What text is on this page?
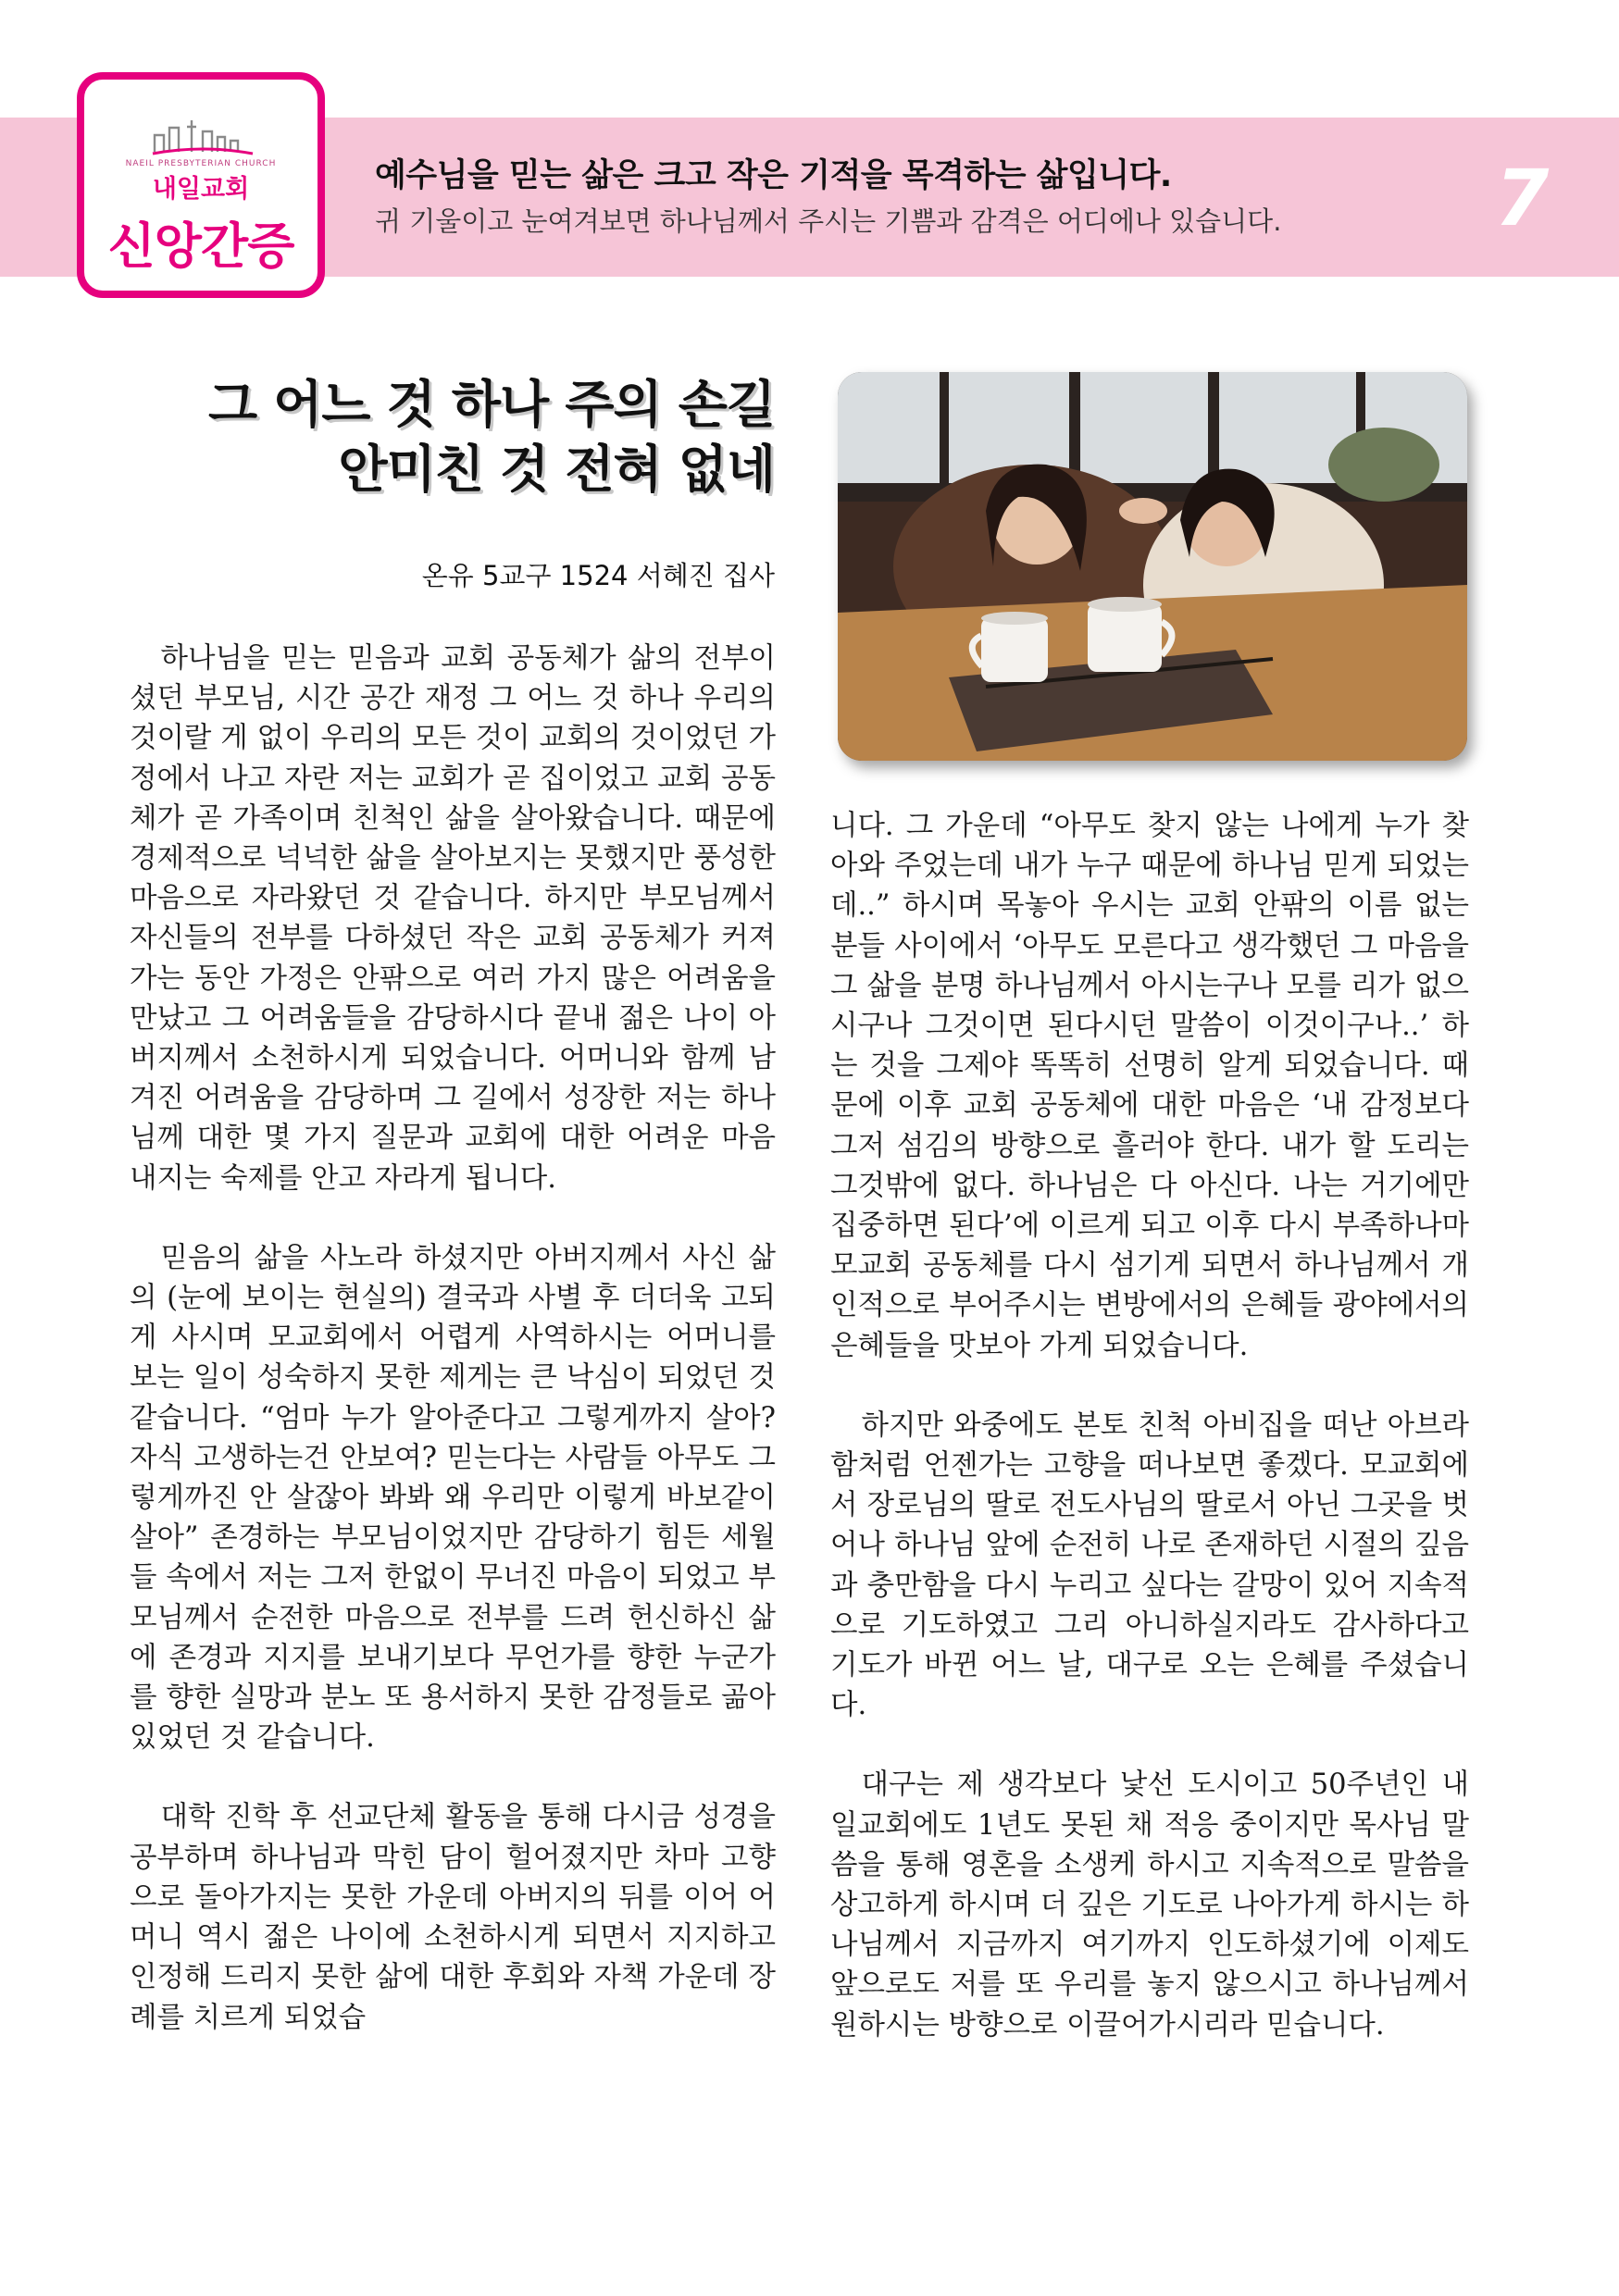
NAEIL PRESBYTERIAN CHURCH
내일교회
신앙간증
예수님을 믿는 삶은 크고 작은 기적을 목격하는 삶입니다.
귀 기울이고 눈여겨보면 하나님께서 주시는 기쁨과 감격은 어디에나 있습니다.	7
그 어느 것 하나 주의 손길
안미친 것 전혀 없네
온유 5교구 1524 서혜진 집사

하나님을 믿는 믿음과 교회 공동체가 삶의 전부이셨던 부모님, 시간 공간 재정 그 어느 것 하나 우리의 것이랄 게 없이 우리의 모든 것이 교회의 것이었던 가정에서 나고 자란 저는 교회가 곧 집이었고 교회 공동체가 곧 가족이며 친척인 삶을 살아왔습니다. 때문에 경제적으로 넉넉한 삶을 살아보지는 못했지만 풍성한 마음으로 자라왔던 것 같습니다. 하지만 부모님께서 자신들의 전부를 다하셨던 작은 교회 공동체가 커져가는 동안 가정은 안팎으로 여러 가지 많은 어려움을 만났고 그 어려움들을 감당하시다 끝내 젊은 나이 아버지께서 소천하시게 되었습니다. 어머니와 함께 남겨진 어려움을 감당하며 그 길에서 성장한 저는 하나님께 대한 몇 가지 질문과 교회에 대한 어려운 마음 내지는 숙제를 안고 자라게 됩니다.

믿음의 삶을 사노라 하셨지만 아버지께서 사신 삶의 (눈에 보이는 현실의) 결국과 사별 후 더더욱 고되게 사시며 모교회에서 어렵게 사역하시는 어머니를 보는 일이 성숙하지 못한 제게는 큰 낙심이 되었던 것 같습니다. “엄마 누가 알아준다고 그렇게까지 살아? 자식 고생하는건 안보여? 믿는다는 사람들 아무도 그렇게까진 안 살잖아 봐봐 왜 우리만 이렇게 바보같이 살아” 존경하는 부모님이었지만 감당하기 힘든 세월들 속에서 저는 그저 한없이 무너진 마음이 되었고 부모님께서 순전한 마음으로 전부를 드려 헌신하신 삶에 존경과 지지를 보내기보다 무언가를 향한 누군가를 향한 실망과 분노 또 용서하지 못한 감정들로 곪아있었던 것 같습니다.

대학 진학 후 선교단체 활동을 통해 다시금 성경을 공부하며 하나님과 막힌 담이 헐어졌지만 차마 고향으로 돌아가지는 못한 가운데 아버지의 뒤를 이어 어머니 역시 젊은 나이에 소천하시게 되면서 지지하고 인정해 드리지 못한 삶에 대한 후회와 자책 가운데 장례를 치르게 되었습

니다. 그 가운데 “아무도 찾지 않는 나에게 누가 찾아와 주었는데 내가 누구 때문에 하나님 믿게 되었는데..” 하시며 목놓아 우시는 교회 안팎의 이름 없는 분들 사이에서 ‘아무도 모른다고 생각했던 그 마음을 그 삶을 분명 하나님께서 아시는구나 모를 리가 없으시구나 그것이면 된다시던 말씀이 이것이구나..’ 하는 것을 그제야 똑똑히 선명히 알게 되었습니다. 때문에 이후 교회 공동체에 대한 마음은 ‘내 감정보다 그저 섬김의 방향으로 흘러야 한다. 내가 할 도리는 그것밖에 없다. 하나님은 다 아신다. 나는 거기에만 집중하면 된다’에 이르게 되고 이후 다시 부족하나마 모교회 공동체를 다시 섬기게 되면서 하나님께서 개인적으로 부어주시는 변방에서의 은혜들 광야에서의 은혜들을 맛보아 가게 되었습니다.

하지만 와중에도 본토 친척 아비집을 떠난 아브라함처럼 언젠가는 고향을 떠나보면 좋겠다. 모교회에서 장로님의 딸로 전도사님의 딸로서 아닌 그곳을 벗어나 하나님 앞에 순전히 나로 존재하던 시절의 깊음과 충만함을 다시 누리고 싶다는 갈망이 있어 지속적으로 기도하였고 그리 아니하실지라도 감사하다고 기도가 바뀐 어느 날, 대구로 오는 은혜를 주셨습니다.

대구는 제 생각보다 낯선 도시이고 50주년인 내일교회에도 1년도 못된 채 적응 중이지만 목사님 말씀을 통해 영혼을 소생케 하시고 지속적으로 말씀을 상고하게 하시며 더 깊은 기도로 나아가게 하시는 하나님께서 지금까지 여기까지 인도하셨기에 이제도 앞으로도 저를 또 우리를 놓지 않으시고 하나님께서 원하시는 방향으로 이끌어가시리라 믿습니다.
